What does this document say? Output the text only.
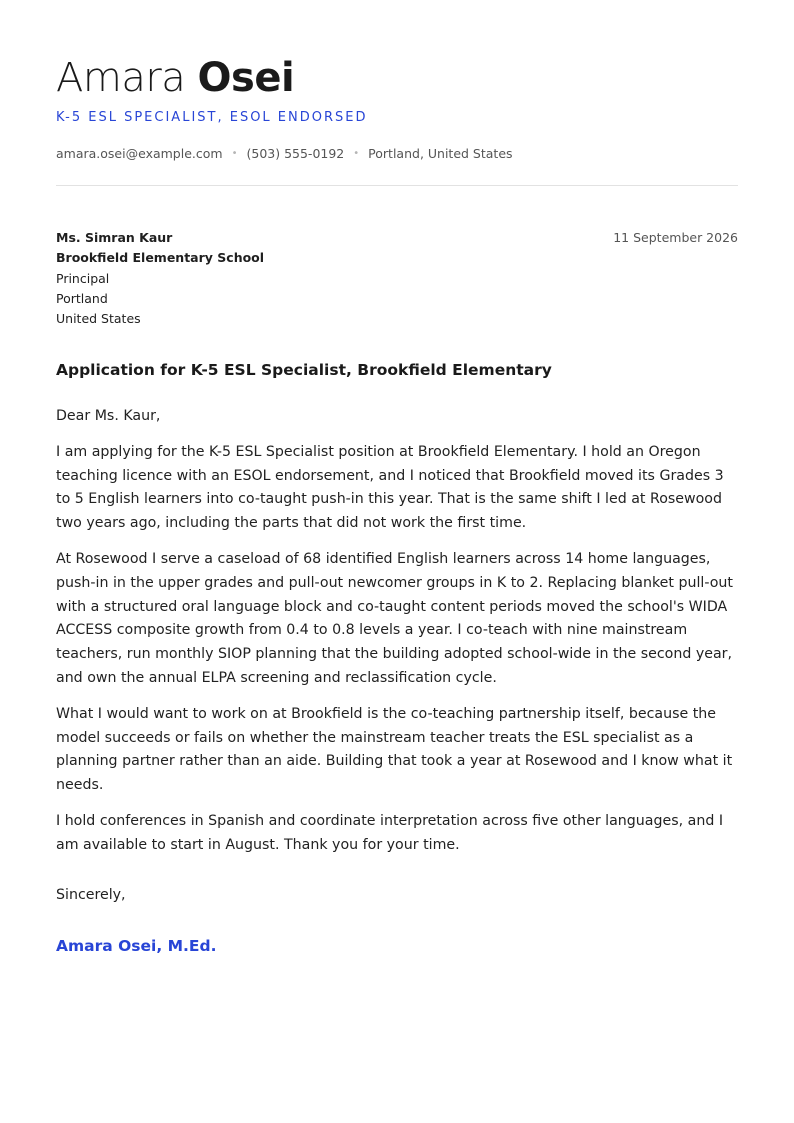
Amara Osei
K-5 ESL SPECIALIST, ESOL ENDORSED
amara.osei@example.com • (503) 555-0192 • Portland, United States
Ms. Simran Kaur
Brookfield Elementary School
Principal
Portland
United States
11 September 2026
Application for K-5 ESL Specialist, Brookfield Elementary

Dear Ms. Kaur,

I am applying for the K-5 ESL Specialist position at Brookfield Elementary. I hold an Oregon teaching licence with an ESOL endorsement, and I noticed that Brookfield moved its Grades 3 to 5 English learners into co-taught push-in this year. That is the same shift I led at Rosewood two years ago, including the parts that did not work the first time.

At Rosewood I serve a caseload of 68 identified English learners across 14 home languages, push-in in the upper grades and pull-out newcomer groups in K to 2. Replacing blanket pull-out with a structured oral language block and co-taught content periods moved the school's WIDA ACCESS composite growth from 0.4 to 0.8 levels a year. I co-teach with nine mainstream teachers, run monthly SIOP planning that the building adopted school-wide in the second year, and own the annual ELPA screening and reclassification cycle.

What I would want to work on at Brookfield is the co-teaching partnership itself, because the model succeeds or fails on whether the mainstream teacher treats the ESL specialist as a planning partner rather than an aide. Building that took a year at Rosewood and I know what it needs.

I hold conferences in Spanish and coordinate interpretation across five other languages, and I am available to start in August. Thank you for your time.

Sincerely,
Amara Osei, M.Ed.
